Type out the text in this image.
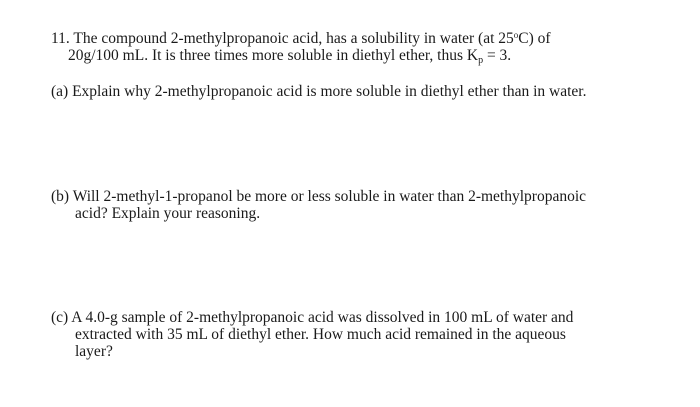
11. The compound 2-methylpropanoic acid, has a solubility in water (at 25$^o$C) of
20g/100 mL. It is three times more soluble in diethyl ether, thus $K_p = 3$.
(a) Explain why 2-methylpropanoic acid is more soluble in diethyl ether than in water.
(b) Will 2-methyl-1-propanol be more or less soluble in water than 2-methylpropanoic
acid? Explain your reasoning.
(c) A 4.0-g sample of 2-methylpropanoic acid was dissolved in 100 mL of water and
extracted with 35 mL of diethyl ether. How much acid remained in the aqueous
layer?
